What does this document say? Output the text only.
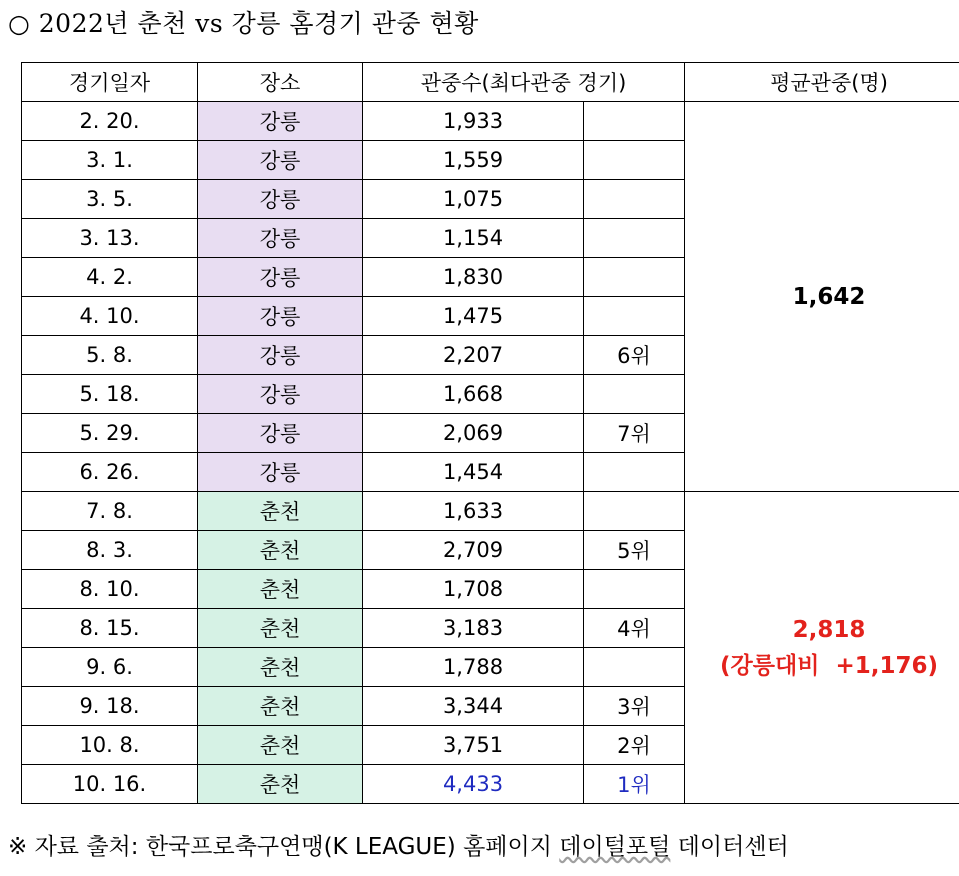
○ 2022년 춘천 vs 강릉 홈경기 관중 현황
경기일자	장소	관중수(최다관중 경기)		평균관중(명)
2. 20.	강릉	1,933		1,642
3. 1.	강릉	1,559		
3. 5.	강릉	1,075		
3. 13.	강릉	1,154		
4. 2.	강릉	1,830		
4. 10.	강릉	1,475		
5. 8.	강릉	2,207	6위	
5. 18.	강릉	1,668		
5. 29.	강릉	2,069	7위	
6. 26.	강릉	1,454		
7. 8.	춘천	1,633		2,818
(강릉대비  +1,176)

8. 3.	춘천	2,709	5위	
8. 10.	춘천	1,708		
8. 15.	춘천	3,183	4위	
9. 6.	춘천	1,788		
9. 18.	춘천	3,344	3위	
10. 8.	춘천	3,751	2위	
10. 16.	춘천	4,433	1위	
※ 자료 출처: 한국프로축구연맹(K LEAGUE) 홈페이지 데이털포털 데이터센터
